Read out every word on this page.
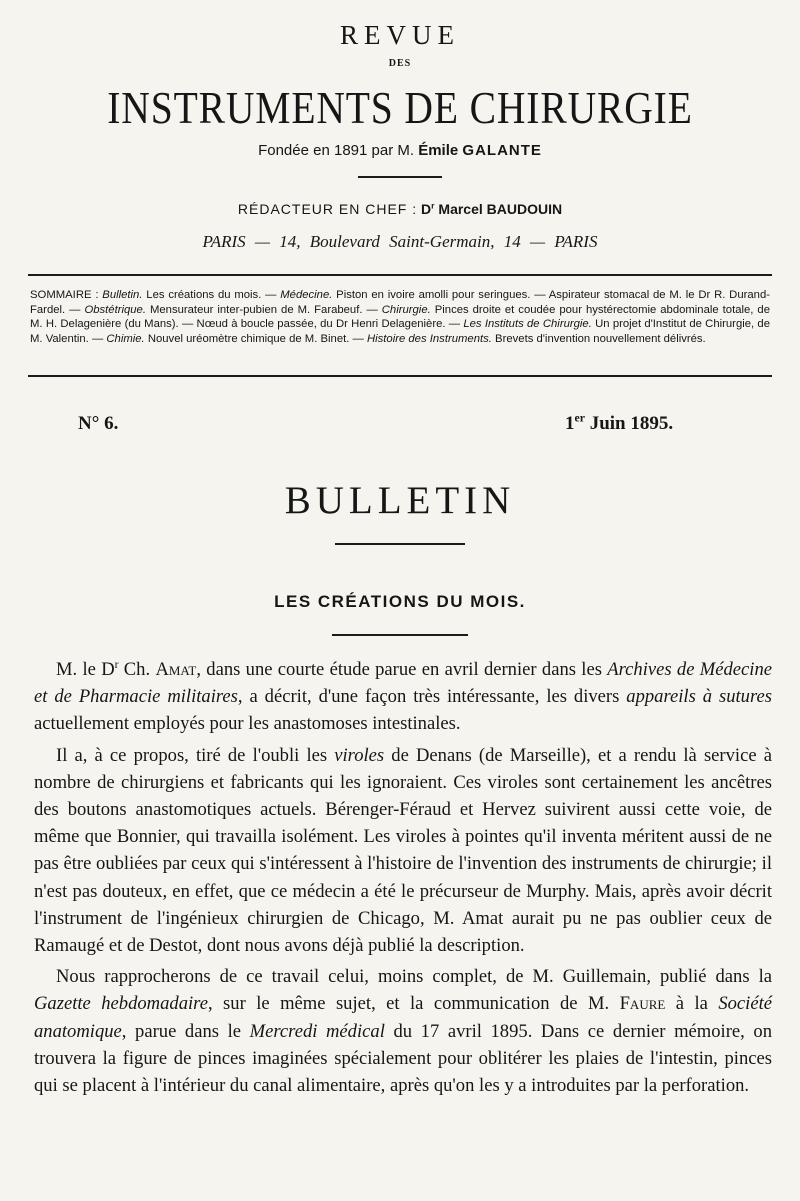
REVUE
DES
INSTRUMENTS DE CHIRURGIE
Fondée en 1891 par M. Émile GALANTE
RÉDACTEUR EN CHEF : $D^r$ Marcel BAUDOUIN
PARIS — 14, Boulevard Saint-Germain, 14 — PARIS
SOMMAIRE : Bulletin. Les créations du mois. — Médecine. Piston en ivoire amolli pour seringues. — Aspirateur stomacal de M. le Dr R. Durand-Fardel. — Obstétrique. Mensurateur inter-pubien de M. Farabeuf. — Chirurgie. Pinces droite et coudée pour hystérectomie abdominale totale, de M. H. Delagenière (du Mans). — Nœud à boucle passée, du Dr Henri Delagenière. — Les Instituts de Chirurgie. Un projet d'Institut de Chirurgie, de M. Valentin. — Chimie. Nouvel uréomètre chimique de M. Binet. — Histoire des Instruments. Brevets d'invention nouvellement délivrés.
N° 6.	1er Juin 1895.
BULLETIN
LES CRÉATIONS DU MOIS.

M. le $D^r$ Ch. Amat, dans une courte étude parue en avril dernier dans les Archives de Médecine et de Pharmacie militaires, a décrit, d'une façon très intéressante, les divers appareils à sutures actuellement employés pour les anastomoses intestinales.

Il a, à ce propos, tiré de l'oubli les viroles de Denans (de Marseille), et a rendu là service à nombre de chirurgiens et fabricants qui les ignoraient. Ces viroles sont certainement les ancêtres des boutons anastomotiques actuels. Bérenger-Féraud et Hervez suivirent aussi cette voie, de même que Bonnier, qui travailla isolément. Les viroles à pointes qu'il inventa méritent aussi de ne pas être oubliées par ceux qui s'intéressent à l'histoire de l'invention des instruments de chirurgie; il n'est pas douteux, en effet, que ce médecin a été le précurseur de Murphy. Mais, après avoir décrit l'instrument de l'ingénieux chirurgien de Chicago, M. Amat aurait pu ne pas oublier ceux de Ramaugé et de Destot, dont nous avons déjà publié la description.

Nous rapprocherons de ce travail celui, moins complet, de M. Guillemain, publié dans la Gazette hebdomadaire, sur le même sujet, et la communication de M. Faure à la Société anatomique, parue dans le Mercredi médical du 17 avril 1895. Dans ce dernier mémoire, on trouvera la figure de pinces imaginées spécialement pour oblitérer les plaies de l'intestin, pinces qui se placent à l'intérieur du canal alimentaire, après qu'on les y a introduites par la perforation.
